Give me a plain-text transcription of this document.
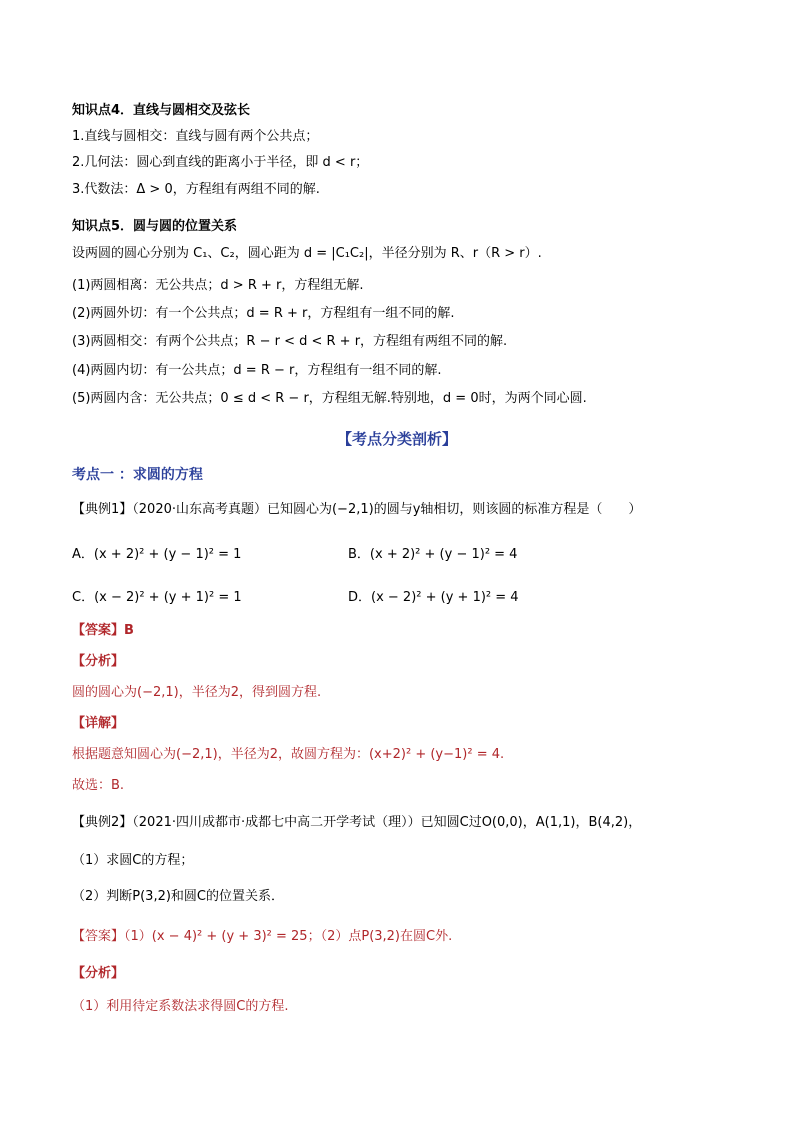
知识点4．直线与圆相交及弦长
1.直线与圆相交：直线与圆有两个公共点；
2.几何法：圆心到直线的距离小于半径，即 d < r；
3.代数法：Δ > 0，方程组有两组不同的解.
知识点5．圆与圆的位置关系
设两圆的圆心分别为 C₁、C₂，圆心距为 d = |C₁C₂|，半径分别为 R、r（R > r）.
(1)两圆相离：无公共点；d > R + r，方程组无解.
(2)两圆外切：有一个公共点；d = R + r，方程组有一组不同的解.
(3)两圆相交：有两个公共点；R − r < d < R + r，方程组有两组不同的解.
(4)两圆内切：有一公共点；d = R − r，方程组有一组不同的解.
(5)两圆内含：无公共点；0 ≤ d < R − r，方程组无解.特别地，d = 0时，为两个同心圆.
【考点分类剖析】
考点一 ：求圆的方程
【典例1】（2020·山东高考真题）已知圆心为(−2,1)的圆与y轴相切，则该圆的标准方程是（　　）
A．(x + 2)² + (y − 1)² = 1	B．(x + 2)² + (y − 1)² = 4
C．(x − 2)² + (y + 1)² = 1	D．(x − 2)² + (y + 1)² = 4
【答案】B
【分析】
圆的圆心为(−2,1)，半径为2，得到圆方程.
【详解】
根据题意知圆心为(−2,1)，半径为2，故圆方程为：(x+2)² + (y−1)² = 4.
故选：B.
【典例2】（2021·四川成都市·成都七中高二开学考试（理））已知圆C过O(0,0)，A(1,1)，B(4,2)，
（1）求圆C的方程；
（2）判断P(3,2)和圆C的位置关系．
【答案】（1）(x − 4)² + (y + 3)² = 25；（2）点P(3,2)在圆C外.
【分析】
（1）利用待定系数法求得圆C的方程.
